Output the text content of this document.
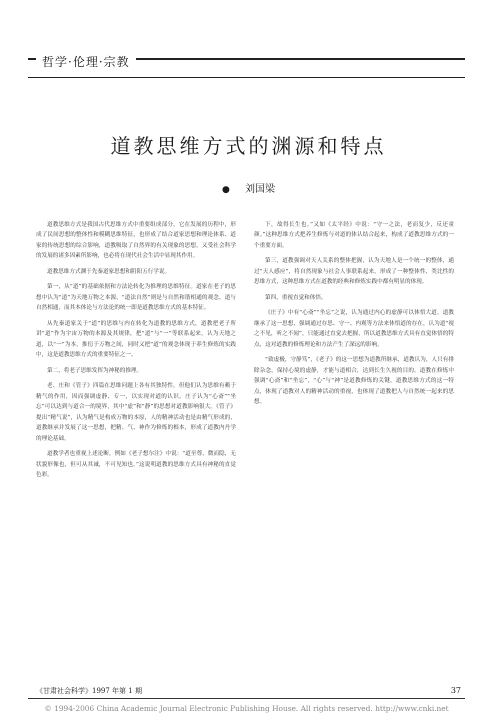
哲学·伦理·宗教
道教思维方式的渊源和特点
● 刘国梁

道教思维方式是我国古代思维方式中重要组成部分，它在发展的历程中，形成了民间思想的整体性和模糊思维特征，也形成了结合道家思想和理论体系、道家的传统思想的综合影响，道教吸取了自然界的有关现象的思想，又受社会科学的发展的诸多因素所影响，也必将在现代社会生活中显现其作用。

道教思维方式渊于先秦道家思想和阴阳五行学说。

第一，从“道”的基础依据和方法论转化为推理的思维特征。道家在老子的思想中认为“道”为天地万物之本源，“道法自然”则是与自然和谐相通的观念，道与自然相通，而其本体论与方法论的统一即是道教思维方式的基本特征。

从先秦道家关于“道”的思维与内在转化为道教的思维方式，道教把老子所讲“道”作为宇宙万物的本源及其规律，把“道”与“一”等联系起来，认为天地之道，以“一”为本，推衍于万物之间，同时又把“道”的观念体现于养生修炼的实践中，这是道教思维方式的重要特征之一。

第二，将老子思维发挥为神秘的推理。

老、庄和《管子》四篇在思维问题上各有其独特性，但他们认为思维有赖于精气的作用，因而强调虚静、专一，以实现对道的认识。庄子认为“心斋”“坐忘”可以达到与道合一的境界，其中“虚”和“静”的思想对道教影响很大。《管子》提出“精气说”，认为精气是构成万物的本原，人的精神活动也是由精气形成的，道教继承并发展了这一思想，把精、气、神作为修炼的根本，形成了道教内丹学的理论基础。

道教学者也重视上述论断，例如《老子想尔注》中说：“道至尊，微而隐，无状貌形像也，但可从其诫，不可见知也。”这说明道教的思维方式具有神秘的直觉色彩。

下，故得长生也。”又如《太平经》中说：“守一之法，老而复少，反还童颜。”这种思维方式把养生修炼与对道的体认结合起来，构成了道教思维方式的一个重要方面。

第三，道教强调对天人关系的整体把握，认为天地人是一个统一的整体，通过“天人感应”，将自然现象与社会人事联系起来，形成了一种整体性、类比性的思维方式，这种思维方式在道教的经典和修炼实践中都有明显的体现。

第四，重视直觉和体悟。

《庄子》中有“心斋”“坐忘”之说，认为通过内心的虚静可以体悟大道。道教继承了这一思想，强调通过存思、守一、内观等方法来体悟道的存在，认为道“视之不见，听之不闻”，只能通过直觉去把握，所以道教思维方式具有直觉体悟的特点，这对道教的修炼理论和方法产生了深远的影响。

“致虚极，守静笃”，《老子》的这一思想为道教所继承，道教认为，人只有排除杂念，保持心境的虚静，才能与道相合，达到长生久视的目的。道教在修炼中强调“心斋”和“坐忘”，“心”与“神”是道教修炼的关键，道教思维方式的这一特点，体现了道教对人的精神活动的重视，也体现了道教把人与自然统一起来的思想。

《甘肃社会科学》1997 年第 1 期	37
© 1994-2006 China Academic Journal Electronic Publishing House. All rights reserved. http://www.cnki.net
